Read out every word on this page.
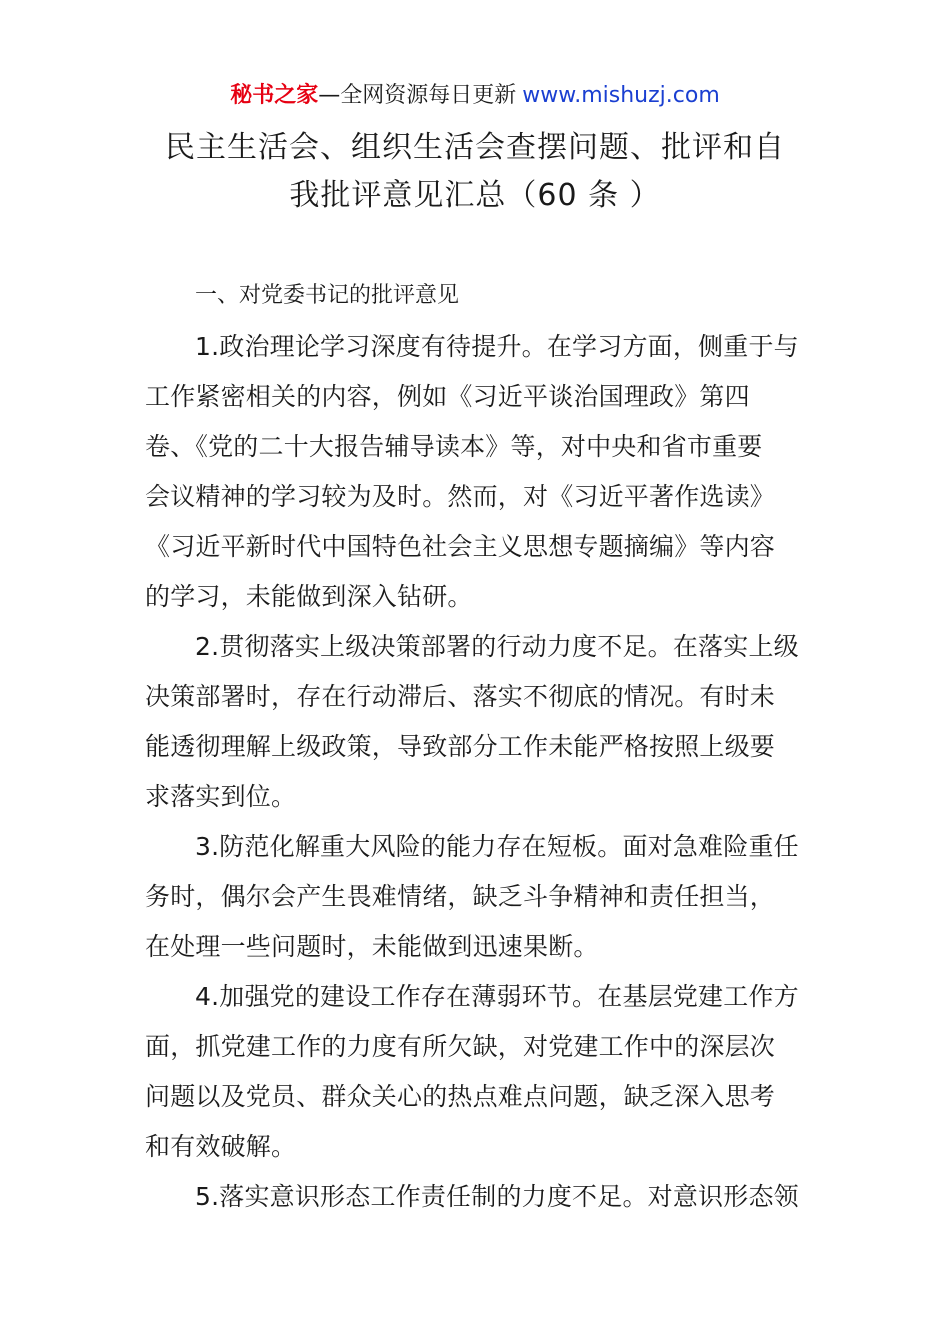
秘书之家—全网资源每日更新 www.mishuzj.com
民主生活会、组织生活会查摆问题、批评和自
我批评意见汇总（60 条 ）
一、对党委书记的批评意见
1.政治理论学习深度有待提升。在学习方面，侧重于与
工作紧密相关的内容，例如《习近平谈治国理政》第四
卷、《党的二十大报告辅导读本》等，对中央和省市重要
会议精神的学习较为及时。然而，对《习近平著作选读》
《习近平新时代中国特色社会主义思想专题摘编》等内容
的学习，未能做到深入钻研。
2.贯彻落实上级决策部署的行动力度不足。在落实上级
决策部署时，存在行动滞后、落实不彻底的情况。有时未
能透彻理解上级政策，导致部分工作未能严格按照上级要
求落实到位。
3.防范化解重大风险的能力存在短板。面对急难险重任
务时，偶尔会产生畏难情绪，缺乏斗争精神和责任担当，
在处理一些问题时，未能做到迅速果断。
4.加强党的建设工作存在薄弱环节。在基层党建工作方
面，抓党建工作的力度有所欠缺，对党建工作中的深层次
问题以及党员、群众关心的热点难点问题，缺乏深入思考
和有效破解。
5.落实意识形态工作责任制的力度不足。对意识形态领
